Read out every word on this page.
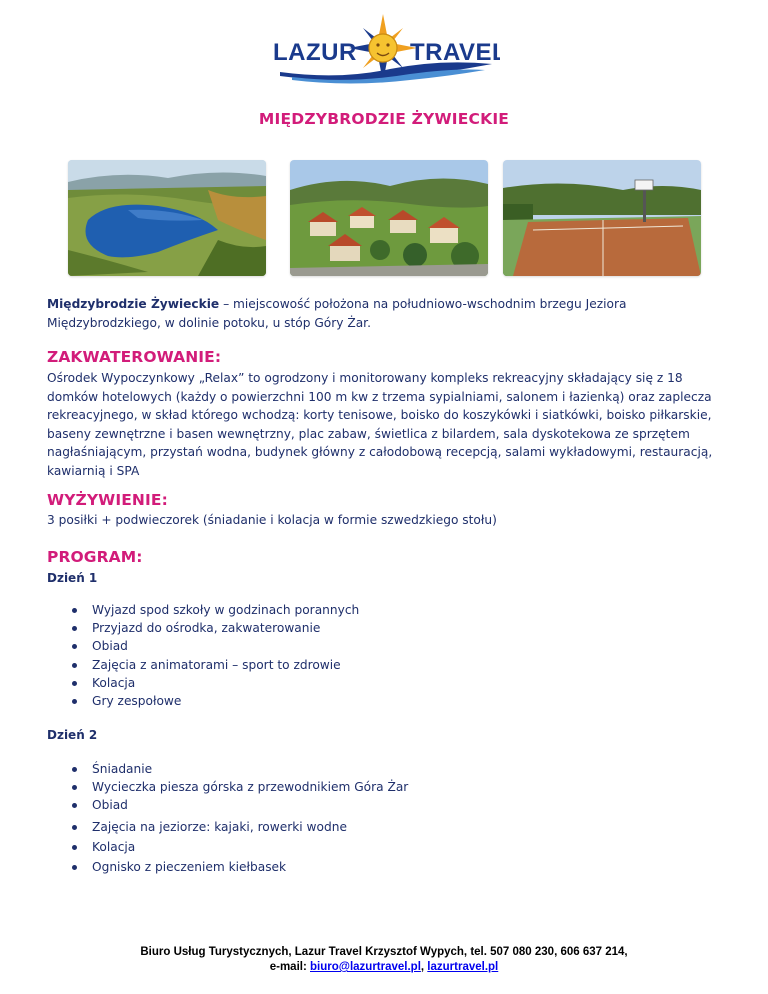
LAZUR TRAVEL
MIĘDZYBRODZIE ŻYWIECKIE
Międzybrodzie Żywieckie – miejscowość położona na południowo-wschodnim brzegu Jeziora Międzybrodzkiego, w dolinie potoku, u stóp Góry Żar.
ZAKWATEROWANIE:
Ośrodek Wypoczynkowy „Relax” to ogrodzony i monitorowany kompleks rekreacyjny składający się z 18 domków hotelowych (każdy o powierzchni 100 m kw z trzema sypialniami, salonem i łazienką) oraz zaplecza rekreacyjnego, w skład którego wchodzą: korty tenisowe, boisko do koszykówki i siatkówki, boisko piłkarskie, baseny zewnętrzne i basen wewnętrzny, plac zabaw, świetlica z bilardem, sala dyskotekowa ze sprzętem nagłaśniającym, przystań wodna, budynek główny z całodobową recepcją, salami wykładowymi, restauracją, kawiarnią i SPA
WYŻYWIENIE:
3 posiłki + podwieczorek (śniadanie i kolacja w formie szwedzkiego stołu)
PROGRAM:
Dzień 1
Wyjazd spod szkoły w godzinach porannych
Przyjazd do ośrodka, zakwaterowanie
Obiad
Zajęcia z animatorami – sport to zdrowie
Kolacja
Gry zespołowe
Dzień 2
Śniadanie
Wycieczka piesza górska z przewodnikiem Góra Żar
Obiad
Zajęcia na jeziorze: kajaki, rowerki wodne
Kolacja
Ognisko z pieczeniem kiełbasek
Biuro Usług Turystycznych, Lazur Travel Krzysztof Wypych, tel. 507 080 230, 606 637 214,
e-mail: biuro@lazurtravel.pl, lazurtravel.pl
